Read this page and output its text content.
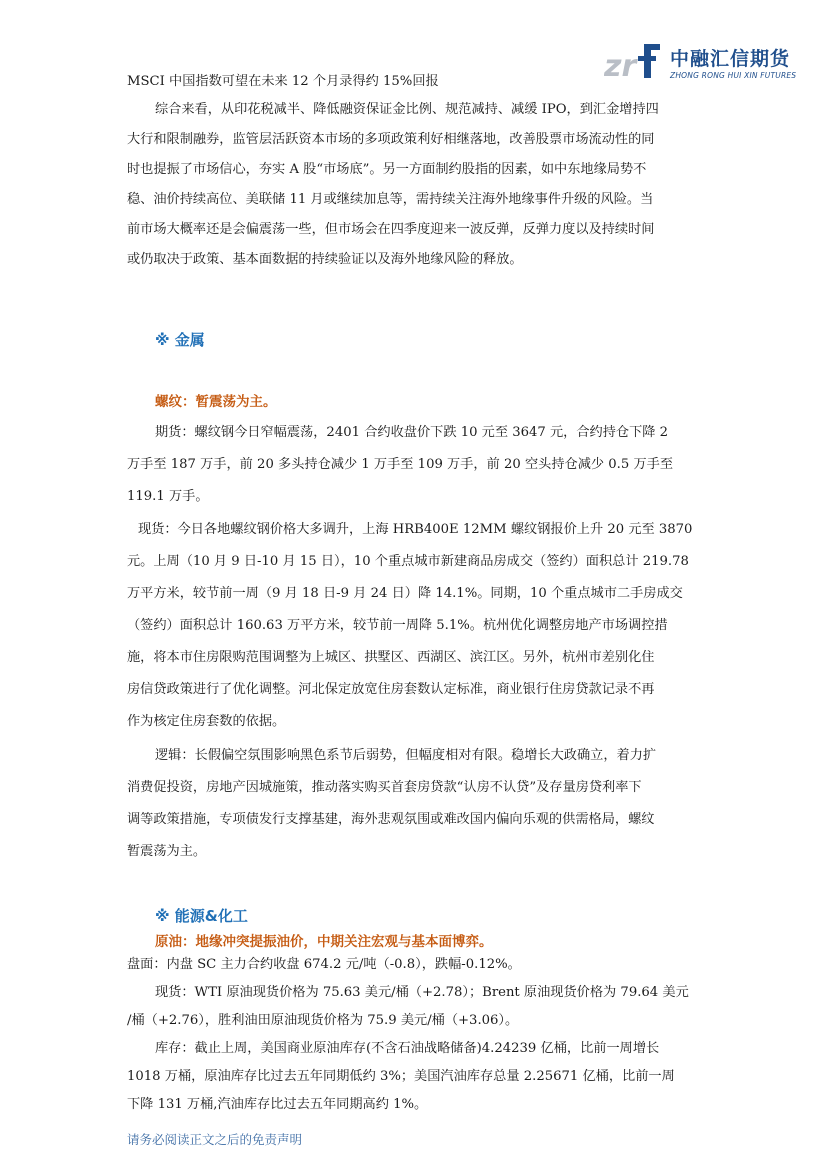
zr 中融汇信期货
ZHONG RONG HUI XIN FUTURES
MSCI 中国指数可望在未来 12 个月录得约 15%回报
综合来看，从印花税减半、降低融资保证金比例、规范减持、减缓 IPO，到汇金增持四
大行和限制融券，监管层活跃资本市场的多项政策利好相继落地，改善股票市场流动性的同
时也提振了市场信心，夯实 A 股“市场底”。另一方面制约股指的因素，如中东地缘局势不
稳、油价持续高位、美联储 11 月或继续加息等，需持续关注海外地缘事件升级的风险。当
前市场大概率还是会偏震荡一些，但市场会在四季度迎来一波反弹，反弹力度以及持续时间
或仍取决于政策、基本面数据的持续验证以及海外地缘风险的释放。
※ 金属
螺纹：暂震荡为主。
期货：螺纹钢今日窄幅震荡，2401 合约收盘价下跌 10 元至 3647 元，合约持仓下降 2
万手至 187 万手，前 20 多头持仓减少 1 万手至 109 万手，前 20 空头持仓减少 0.5 万手至
119.1 万手。
现货：今日各地螺纹钢价格大多调升，上海 HRB400E 12MM 螺纹钢报价上升 20 元至 3870
元。上周（10 月 9 日-10 月 15 日），10 个重点城市新建商品房成交（签约）面积总计 219.78
万平方米，较节前一周（9 月 18 日-9 月 24 日）降 14.1%。同期，10 个重点城市二手房成交
（签约）面积总计 160.63 万平方米，较节前一周降 5.1%。杭州优化调整房地产市场调控措
施，将本市住房限购范围调整为上城区、拱墅区、西湖区、滨江区。另外，杭州市差别化住
房信贷政策进行了优化调整。河北保定放宽住房套数认定标准，商业银行住房贷款记录不再
作为核定住房套数的依据。
逻辑：长假偏空氛围影响黑色系节后弱势，但幅度相对有限。稳增长大政确立，着力扩
消费促投资，房地产因城施策，推动落实购买首套房贷款“认房不认贷”及存量房贷利率下
调等政策措施，专项债发行支撑基建，海外悲观氛围或难改国内偏向乐观的供需格局，螺纹
暂震荡为主。
※ 能源&化工
原油：地缘冲突提振油价，中期关注宏观与基本面博弈。
盘面：内盘 SC 主力合约收盘 674.2 元/吨（-0.8），跌幅-0.12%。
现货：WTI 原油现货价格为 75.63 美元/桶（+2.78）；Brent 原油现货价格为 79.64 美元
/桶（+2.76），胜利油田原油现货价格为 75.9 美元/桶（+3.06）。
库存：截止上周，美国商业原油库存(不含石油战略储备)4.24239 亿桶，比前一周增长
1018 万桶，原油库存比过去五年同期低约 3%；美国汽油库存总量 2.25671 亿桶，比前一周
下降 131 万桶,汽油库存比过去五年同期高约 1%。
请务必阅读正文之后的免责声明
